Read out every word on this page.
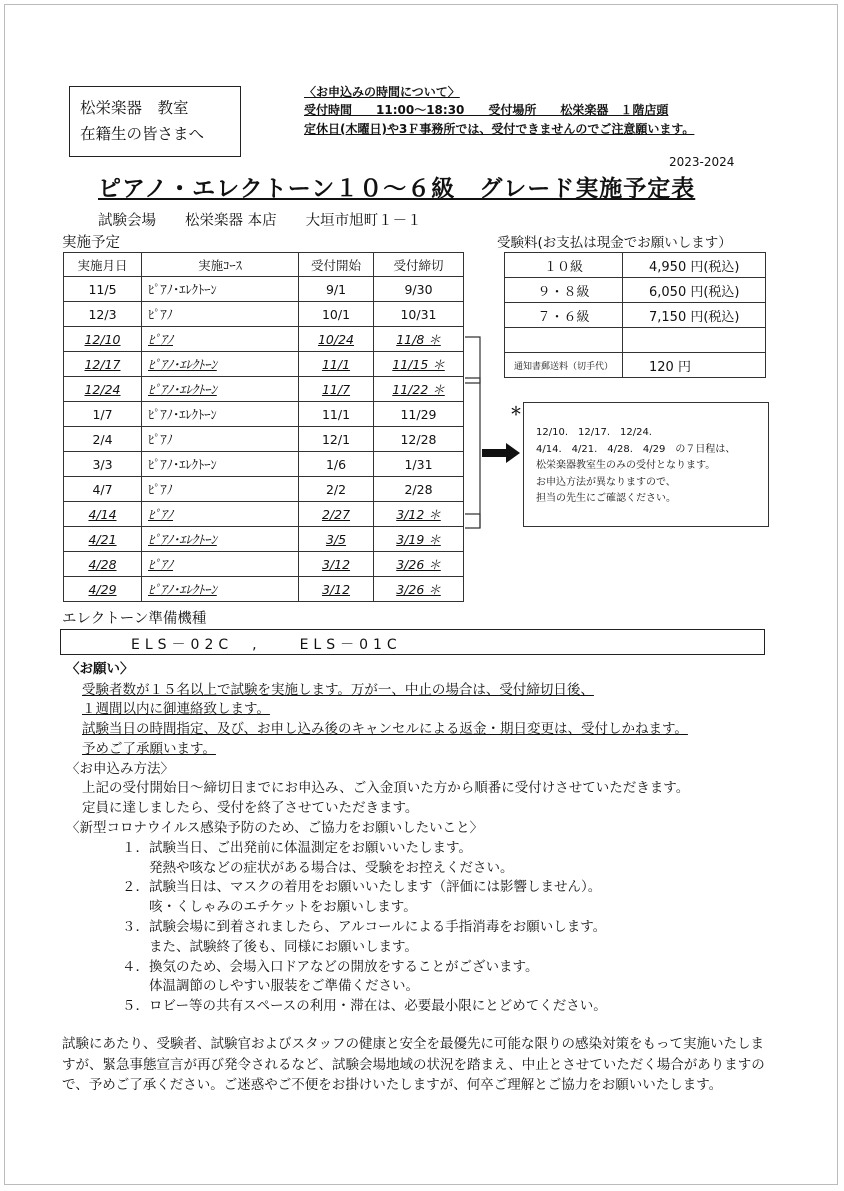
松栄楽器　教室
在籍生の皆さまへ
〈お申込みの時間について〉
受付時間　　11:00～18:30　　受付場所　　松栄楽器　１階店頭
定休日(木曜日)や3Ｆ事務所では、受付できませんのでご注意願います。
2023-2024
ピアノ・エレクトーン１０～６級　グレード実施予定表
試験会場　　松栄楽器 本店　　大垣市旭町１－１
実施予定	受験料(お支払は現金でお願いします）
実施月日	実施ｺｰｽ	受付開始	受付締切
11/5	ﾋﾟｱﾉ･ｴﾚｸﾄｰﾝ	9/1	9/30
12/3	ﾋﾟｱﾉ	10/1	10/31
12/10	ﾋﾟｱﾉ	10/24	11/8 ＊
12/17	ﾋﾟｱﾉ･ｴﾚｸﾄｰﾝ	11/1	11/15 ＊
12/24	ﾋﾟｱﾉ･ｴﾚｸﾄｰﾝ	11/7	11/22 ＊
1/7	ﾋﾟｱﾉ･ｴﾚｸﾄｰﾝ	11/1	11/29
2/4	ﾋﾟｱﾉ	12/1	12/28
3/3	ﾋﾟｱﾉ･ｴﾚｸﾄｰﾝ	1/6	1/31
4/7	ﾋﾟｱﾉ	2/2	2/28
4/14	ﾋﾟｱﾉ	2/27	3/12 ＊
4/21	ﾋﾟｱﾉ･ｴﾚｸﾄｰﾝ	3/5	3/19 ＊
4/28	ﾋﾟｱﾉ	3/12	3/26 ＊
4/29	ﾋﾟｱﾉ･ｴﾚｸﾄｰﾝ	3/12	3/26 ＊
１０級	4,950 円(税込)
９・８級	6,050 円(税込)
７・６級	7,150 円(税込)

通知書郵送料（切手代）	120 円
＊
12/10.　12/17.　12/24.
4/14.　4/21.　4/28.　4/29　の７日程は、
松栄楽器教室生のみの受付となります。
お申込方法が異なりますので、
担当の先生にご確認ください。
エレクトーン準備機種
ELS－02C　,　　ELS－01C
〈お願い〉
受験者数が１５名以上で試験を実施します。万が一、中止の場合は、受付締切日後、
１週間以内に御連絡致します。
試験当日の時間指定、及び、お申し込み後のキャンセルによる返金・期日変更は、受付しかねます。
予めご了承願います。
〈お申込み方法〉
上記の受付開始日～締切日までにお申込み、ご入金頂いた方から順番に受付けさせていただきます。
定員に達しましたら、受付を終了させていただきます。
〈新型コロナウイルス感染予防のため、ご協力をお願いしたいこと〉
１．試験当日、ご出発前に体温測定をお願いいたします。
　　発熱や咳などの症状がある場合は、受験をお控えください。
２．試験当日は、マスクの着用をお願いいたします（評価には影響しません）。
　　咳・くしゃみのエチケットをお願いします。
３．試験会場に到着されましたら、アルコールによる手指消毒をお願いします。
　　また、試験終了後も、同様にお願いします。
４．換気のため、会場入口ドアなどの開放をすることがございます。
　　体温調節のしやすい服装をご準備ください。
５．ロビー等の共有スペースの利用・滞在は、必要最小限にとどめてください。
試験にあたり、受験者、試験官およびスタッフの健康と安全を最優先に可能な限りの感染対策をもって実施いたしますが、緊急事態宣言が再び発令されるなど、試験会場地域の状況を踏まえ、中止とさせていただく場合がありますので、予めご了承ください。ご迷惑やご不便をお掛けいたしますが、何卒ご理解とご協力をお願いいたします。
